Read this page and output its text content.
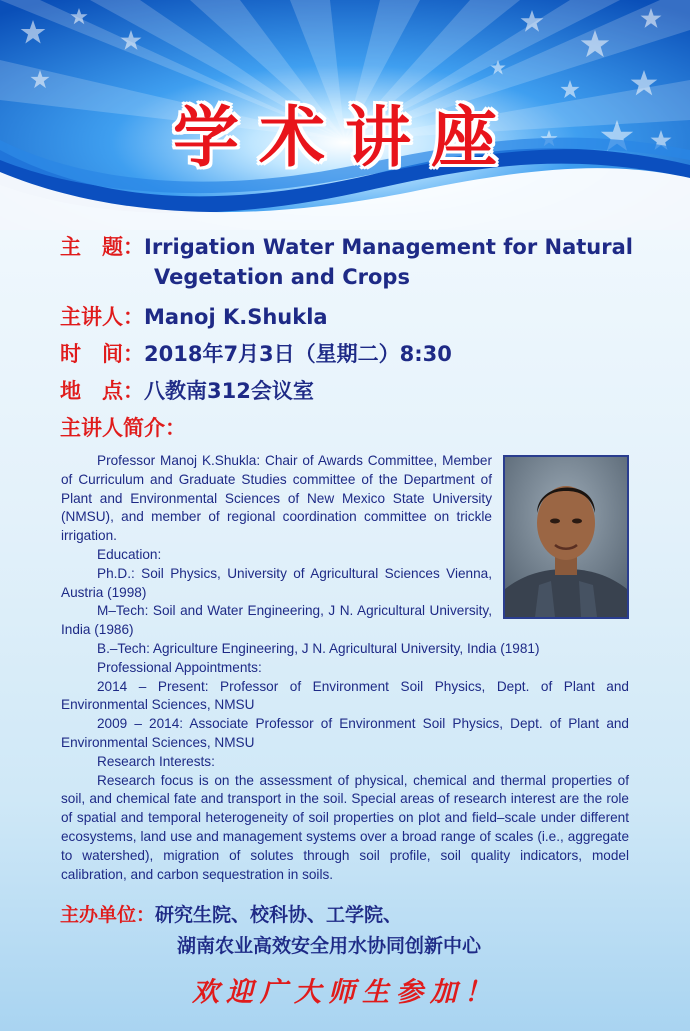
学术讲座
主　题：Irrigation Water Management for Natural
Vegetation and Crops
主讲人：Manoj K.Shukla
时　间：2018年7月3日（星期二）8:30
地　点：八教南312会议室
主讲人简介：

Professor Manoj K.Shukla: Chair of Awards Committee, Member of Curriculum and Graduate Studies committee of the Department of Plant and Environmental Sciences of New Mexico State University (NMSU), and member of regional coordination committee on trickle irrigation.

Education:

Ph.D.: Soil Physics, University of Agricultural Sciences Vienna, Austria (1998)

M–Tech: Soil and Water Engineering, J N. Agricultural University, India (1986)

B.–Tech: Agriculture Engineering, J N. Agricultural University, India (1981)

Professional Appointments:

2014 – Present: Professor of Environment Soil Physics, Dept. of Plant and Environmental Sciences, NMSU

2009 – 2014: Associate Professor of Environment Soil Physics, Dept. of Plant and Environmental Sciences, NMSU

Research Interests:

Research focus is on the assessment of physical, chemical and thermal properties of soil, and chemical fate and transport in the soil. Special areas of research interest are the role of spatial and temporal heterogeneity of soil properties on plot and field–scale under different ecosystems, land use and management systems over a broad range of scales (i.e., aggregate to watershed), migration of solutes through soil profile, soil quality indicators, model calibration, and carbon sequestration in soils.

主办单位：研究生院、校科协、工学院、
湖南农业高效安全用水协同创新中心
欢迎广大师生参加！
